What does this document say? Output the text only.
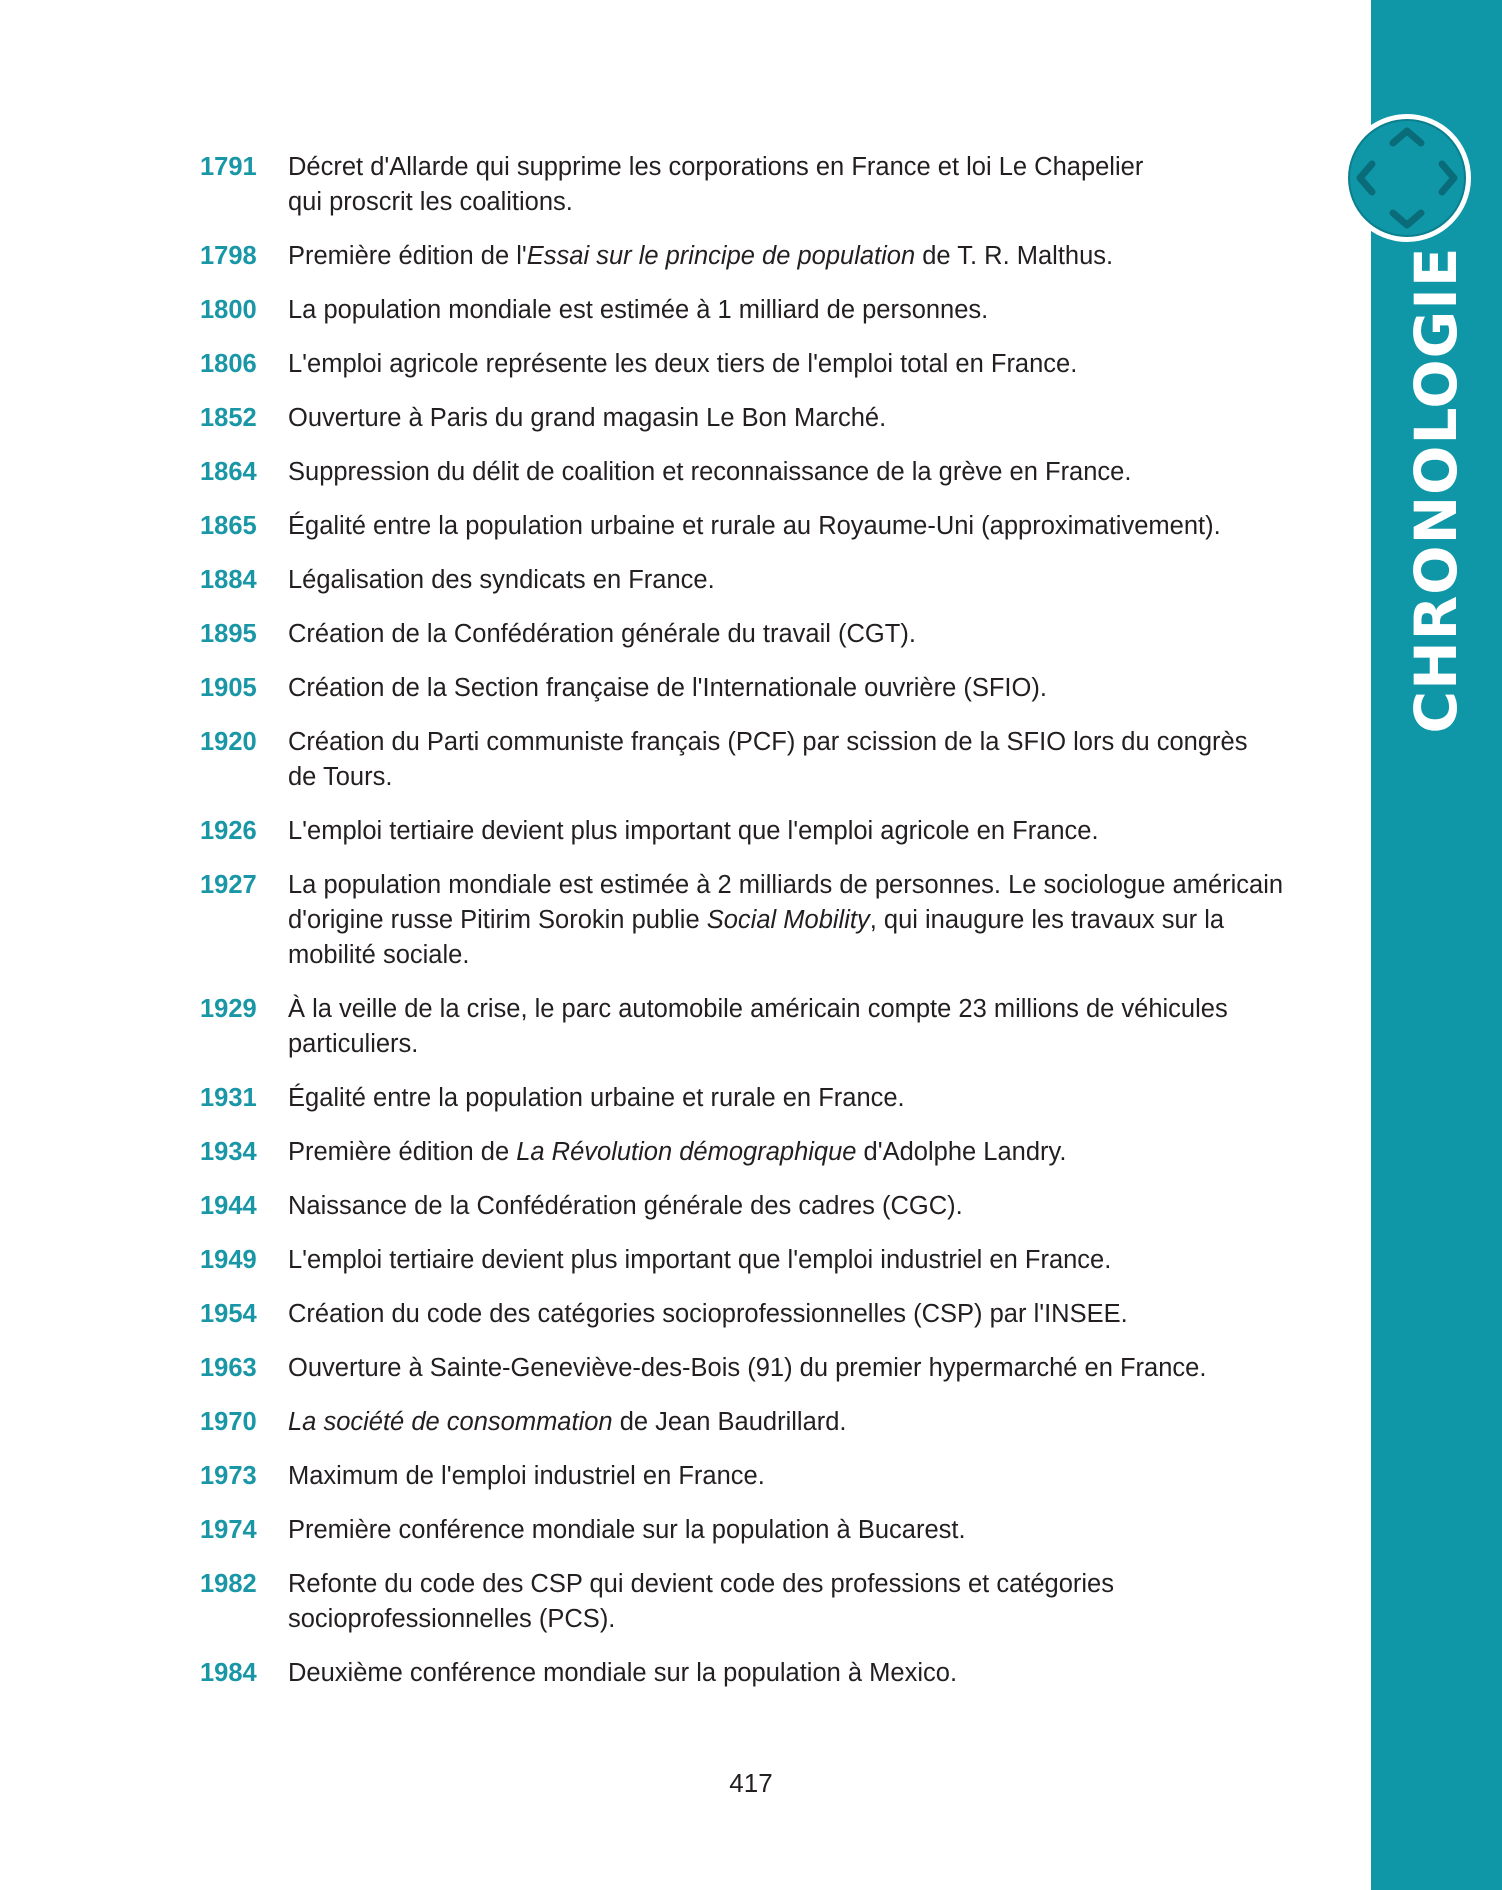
CHRONOLOGIE
1791	Décret d'Allarde qui supprime les corporations en France et loi Le Chapelier
qui proscrit les coalitions.
1798	Première édition de l'Essai sur le principe de population de T. R. Malthus.
1800	La population mondiale est estimée à 1 milliard de personnes.
1806	L'emploi agricole représente les deux tiers de l'emploi total en France.
1852	Ouverture à Paris du grand magasin Le Bon Marché.
1864	Suppression du délit de coalition et reconnaissance de la grève en France.
1865	Égalité entre la population urbaine et rurale au Royaume-Uni (approximativement).
1884	Légalisation des syndicats en France.
1895	Création de la Confédération générale du travail (CGT).
1905	Création de la Section française de l'Internationale ouvrière (SFIO).
1920	Création du Parti communiste français (PCF) par scission de la SFIO lors du congrès
de Tours.
1926	L'emploi tertiaire devient plus important que l'emploi agricole en France.
1927	La population mondiale est estimée à 2 milliards de personnes. Le sociologue américain
d'origine russe Pitirim Sorokin publie Social Mobility, qui inaugure les travaux sur la
mobilité sociale.
1929	À la veille de la crise, le parc automobile américain compte 23 millions de véhicules
particuliers.
1931	Égalité entre la population urbaine et rurale en France.
1934	Première édition de La Révolution démographique d'Adolphe Landry.
1944	Naissance de la Confédération générale des cadres (CGC).
1949	L'emploi tertiaire devient plus important que l'emploi industriel en France.
1954	Création du code des catégories socioprofessionnelles (CSP) par l'INSEE.
1963	Ouverture à Sainte-Geneviève-des-Bois (91) du premier hypermarché en France.
1970	La société de consommation de Jean Baudrillard.
1973	Maximum de l'emploi industriel en France.
1974	Première conférence mondiale sur la population à Bucarest.
1982	Refonte du code des CSP qui devient code des professions et catégories
socioprofessionnelles (PCS).
1984	Deuxième conférence mondiale sur la population à Mexico.
417
